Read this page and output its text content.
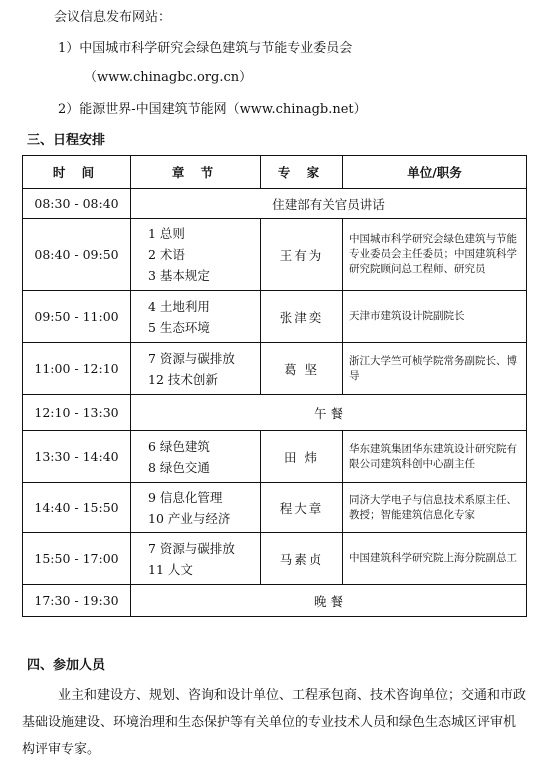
会议信息发布网站：
1）中国城市科学研究会绿色建筑与节能专业委员会
（www.chinagbc.org.cn）
2）能源世界-中国建筑节能网（www.chinagb.net）
三、日程安排
时 间	章 节	专 家	单位/职务
08:30 - 08:40	住建部有关官员讲话		
08:40 - 09:50	1 总则
2 术语
3 基本规定	王有为	中国城市科学研究会绿色建筑与节能专业委员会主任委员；中国建筑科学研究院顾问总工程师、研究员
09:50 - 11:00	4 土地利用
5 生态环境	张津奕	天津市建筑设计院副院长
11:00 - 12:10	7 资源与碳排放
12 技术创新	葛 坚	浙江大学竺可桢学院常务副院长、博导
12:10 - 13:30	午 餐		
13:30 - 14:40	6 绿色建筑
8 绿色交通	田 炜	华东建筑集团华东建筑设计研究院有限公司建筑科创中心副主任
14:40 - 15:50	9 信息化管理
10 产业与经济	程大章	同济大学电子与信息技术系原主任、教授；智能建筑信息化专家
15:50 - 17:00	7 资源与碳排放
11 人文	马素贞	中国建筑科学研究院上海分院副总工
17:30 - 19:30	晚 餐		
四、参加人员
业主和建设方、规划、咨询和设计单位、工程承包商、技术咨询单位；交通和市政基础设施建设、环境治理和生态保护等有关单位的专业技术人员和绿色生态城区评审机构评审专家。
